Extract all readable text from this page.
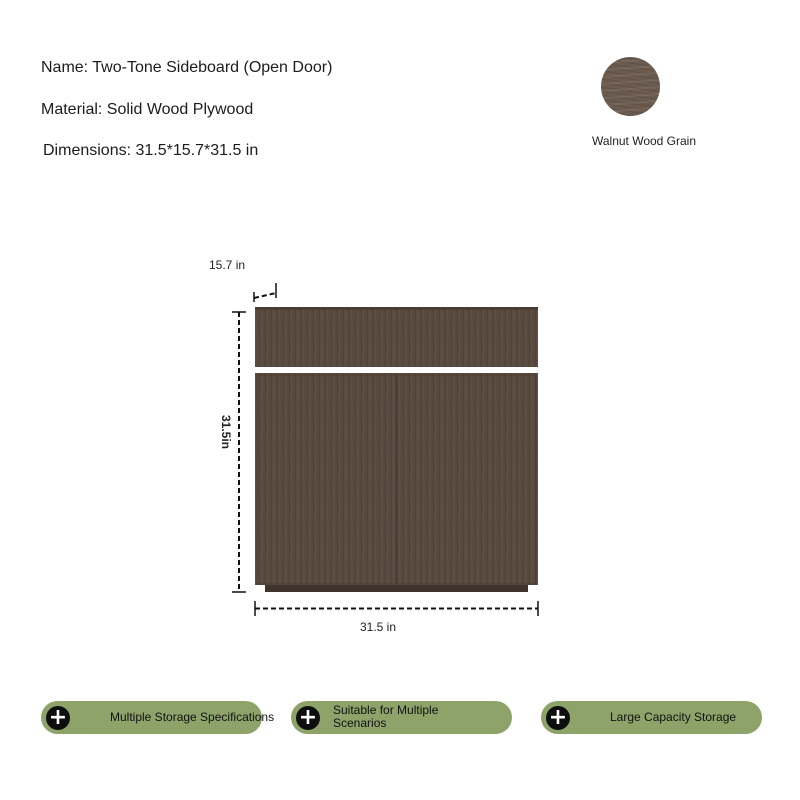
Name: Two-Tone Sideboard (Open Door)
Material: Solid Wood Plywood
Dimensions: 31.5*15.7*31.5 in
Walnut Wood Grain
15.7 in
31.5in
31.5 in
+	Multiple Storage Specifications + Suitable for Multiple Scenarios	+	Large Capacity Storage
